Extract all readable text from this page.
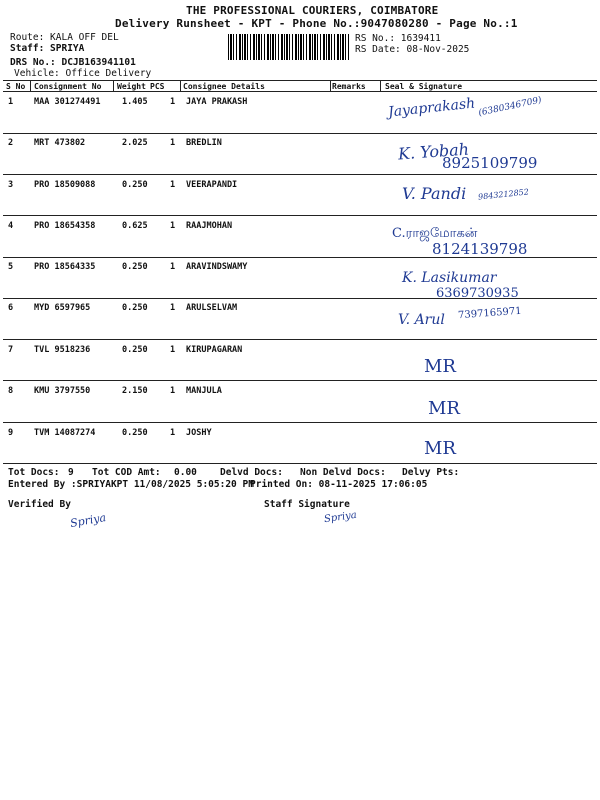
THE PROFESSIONAL COURIERS, COIMBATORE
Delivery Runsheet - KPT - Phone No.:9047080280 - Page No.:1
Route: KALA OFF DEL
Staff: SPRIYA
DRS No.: DCJB163941101
Vehicle: Office Delivery
RS No.: 1639411
RS Date: 08-Nov-2025
S No Consignment No Weight PCS Consignee Details	Remarks Seal & Signature
1 MAA 301274491	1.405	1 JAYA PRAKASH	Jayaprakash (6380346709)
2 MRT 473802	2.025	1 BREDLIN	K. Yobah
8925109799
3 PRO 18509088	0.250	1 VEERAPANDI	V. Pandi 9843212852
4 PRO 18654358	0.625	1 RAAJMOHAN	C.ராஜமோகன்
8124139798
5 PRO 18564335	0.250	1 ARAVINDSWAMY
K. Lasikumar
6369730935
6 MYD 6597965	0.250	1 ARULSELVAM
V. Arul 7397165971
7 TVL 9518236	0.250	1 KIRUPAGARAN
MR
8 KMU 3797550	2.150	1 MANJULA
MR
9 TVM 14087274	0.250	1 JOSHY
MR
Tot Docs: 9 Tot COD Amt: 0.00 Delvd Docs: Non Delvd Docs: Delvy Pts:
Entered By :SPRIYAKPT 11/08/2025 5:05:20 PM
Printed On: 08-11-2025 17:06:05
Verified By	Staff Signature
Spriya	Spriya
